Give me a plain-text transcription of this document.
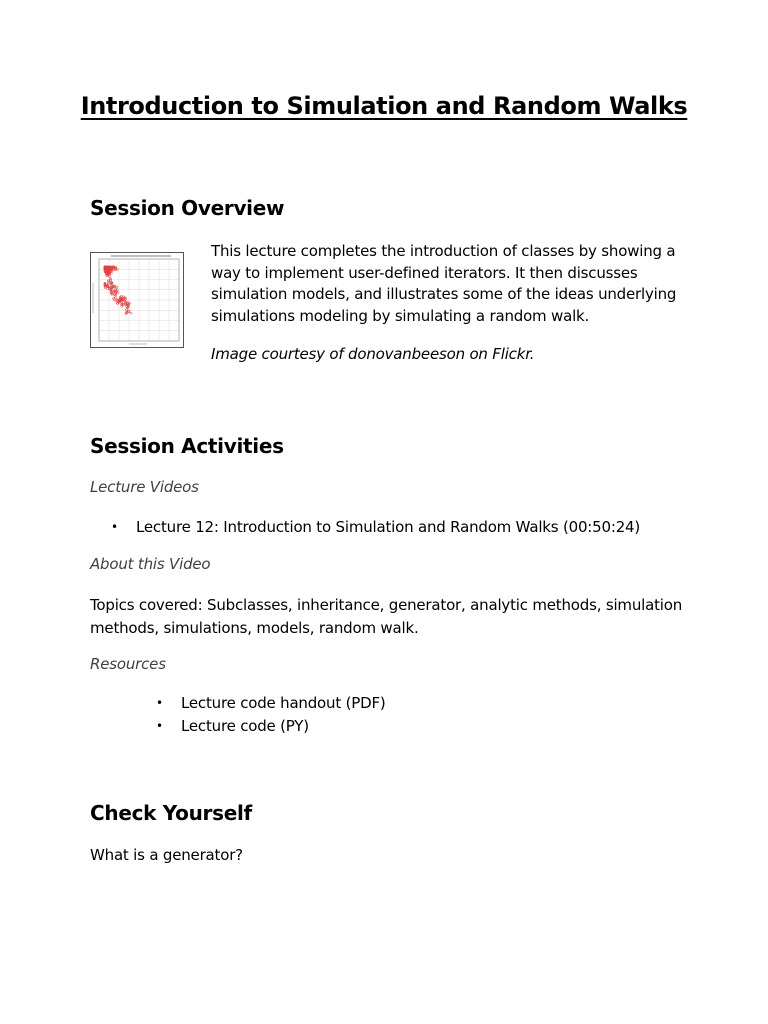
Introduction to Simulation and Random Walks
Session Overview

This lecture completes the introduction of classes by showing a way to implement user-defined iterators. It then discusses simulation models, and illustrates some of the ideas underlying simulations modeling by simulating a random walk.

Image courtesy of donovanbeeson on Flickr.

Session Activities

Lecture Videos

• Lecture 12: Introduction to Simulation and Random Walks (00:50:24)

About this Video

Topics covered: Subclasses, inheritance, generator, analytic methods, simulation methods, simulations, models, random walk.

Resources

• Lecture code handout (PDF)
• Lecture code (PY)
Check Yourself

What is a generator?
